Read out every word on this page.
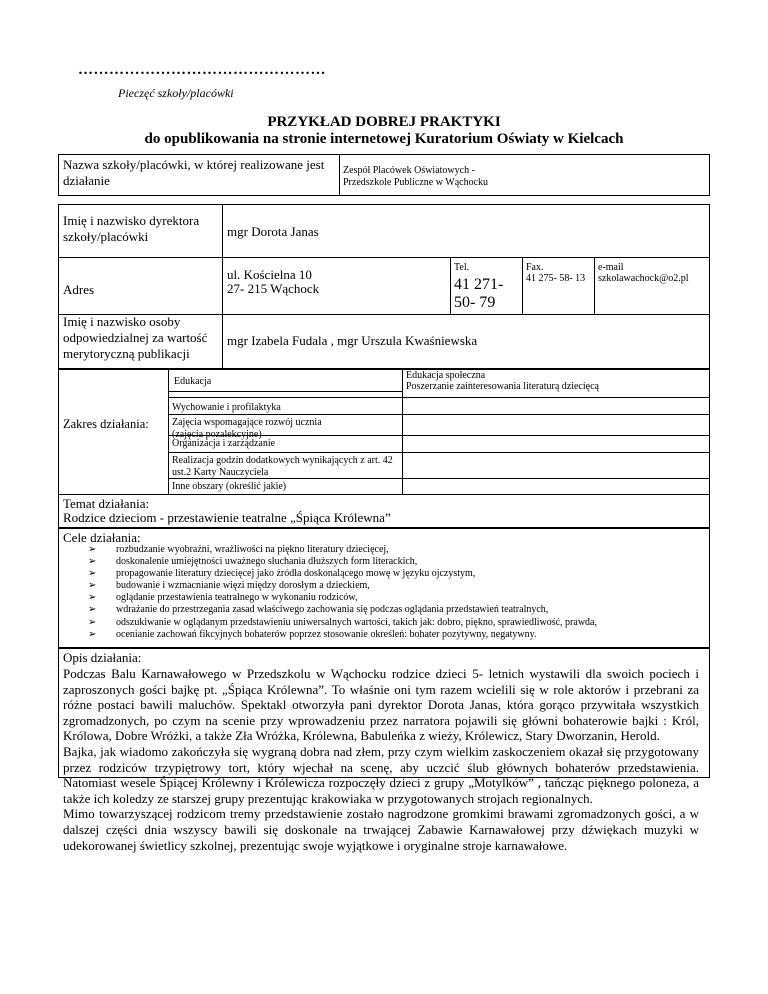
…………………………………………
Pieczęć szkoły/placówki
PRZYKŁAD DOBREJ PRAKTYKI
do opublikowania na stronie internetowej Kuratorium Oświaty w Kielcach
Nazwa szkoły/placówki, w której realizowane jest działanie
Zespół Placówek Oświatowych - Przedszkole Publiczne w Wąchocku
Imię i nazwisko dyrektora szkoły/placówki	mgr Dorota Janas
Adres
ul. Kościelna 10
27- 215 Wąchock
Tel.
41 271- 50- 79
Fax.
41 275- 58- 13
e-mail
szkolawachock@o2.pl
Imię i nazwisko osoby odpowiedzialnej za wartość merytoryczną publikacji
mgr Izabela Fudala , mgr Urszula Kwaśniewska
Zakres działania:
Edukacja
Edukacja społeczna
Poszerzanie zainteresowania literaturą dziecięcą
Wychowanie i profilaktyka
Zajęcia wspomagające rozwój ucznia (zajęcia pozalekcyjne)
Organizacja i zarządzanie
Realizacja godzin dodatkowych wynikających z art. 42 ust.2 Karty Nauczyciela
Inne obszary (określić jakie)
Temat działania:
Rodzice dzieciom - przestawienie teatralne „Śpiąca Królewna”
Cele działania:
➢ rozbudzanie wyobraźni, wrażliwości na piękno literatury dziecięcej,
➢ doskonalenie umiejętności uważnego słuchania dłuższych form literackich,
➢ propagowanie literatury dziecięcej jako źródła doskonalącego mowę w języku ojczystym,
➢ budowanie i wzmacnianie więzi między dorosłym a dzieckiem,
➢ oglądanie przestawienia teatralnego w wykonaniu rodziców,
➢ wdrażanie do przestrzegania zasad właściwego zachowania się podczas oglądania przedstawień teatralnych,
➢ odszukiwanie w oglądanym przedstawieniu uniwersalnych wartości, takich jak: dobro, piękno, sprawiedliwość, prawda,
➢ ocenianie zachowań fikcyjnych bohaterów poprzez stosowanie określeń: bohater pozytywny, negatywny.
Opis działania:

Podczas Balu Karnawałowego w Przedszkolu w Wąchocku rodzice dzieci 5- letnich wystawili dla swoich pociech i zaproszonych gości bajkę pt. „Śpiąca Królewna”. To właśnie oni tym razem wcielili się w role aktorów i przebrani za różne postaci bawili maluchów. Spektakl otworzyła pani dyrektor Dorota Janas, która gorąco przywitała wszystkich zgromadzonych, po czym na scenie przy wprowadzeniu przez narratora pojawili się główni bohaterowie bajki : Król, Królowa, Dobre Wróżki, a także Zła Wróżka, Królewna, Babuleńka z wieży, Królewicz, Stary Dworzanin, Herold.

Bajka, jak wiadomo zakończyła się wygraną dobra nad złem, przy czym wielkim zaskoczeniem okazał się przygotowany przez rodziców trzypiętrowy tort, który wjechał na scenę, aby uczcić ślub głównych bohaterów przedstawienia. Natomiast wesele Śpiącej Królewny i Królewicza rozpoczęły dzieci z grupy „Motylków” , tańcząc pięknego poloneza, a także ich koledzy ze starszej grupy prezentując krakowiaka w przygotowanych strojach regionalnych.

Mimo towarzyszącej rodzicom tremy przedstawienie zostało nagrodzone gromkimi brawami zgromadzonych gości, a w dalszej części dnia wszyscy bawili się doskonale na trwającej Zabawie Karnawałowej przy dźwiękach muzyki w udekorowanej świetlicy szkolnej, prezentując swoje wyjątkowe i oryginalne stroje karnawałowe.
